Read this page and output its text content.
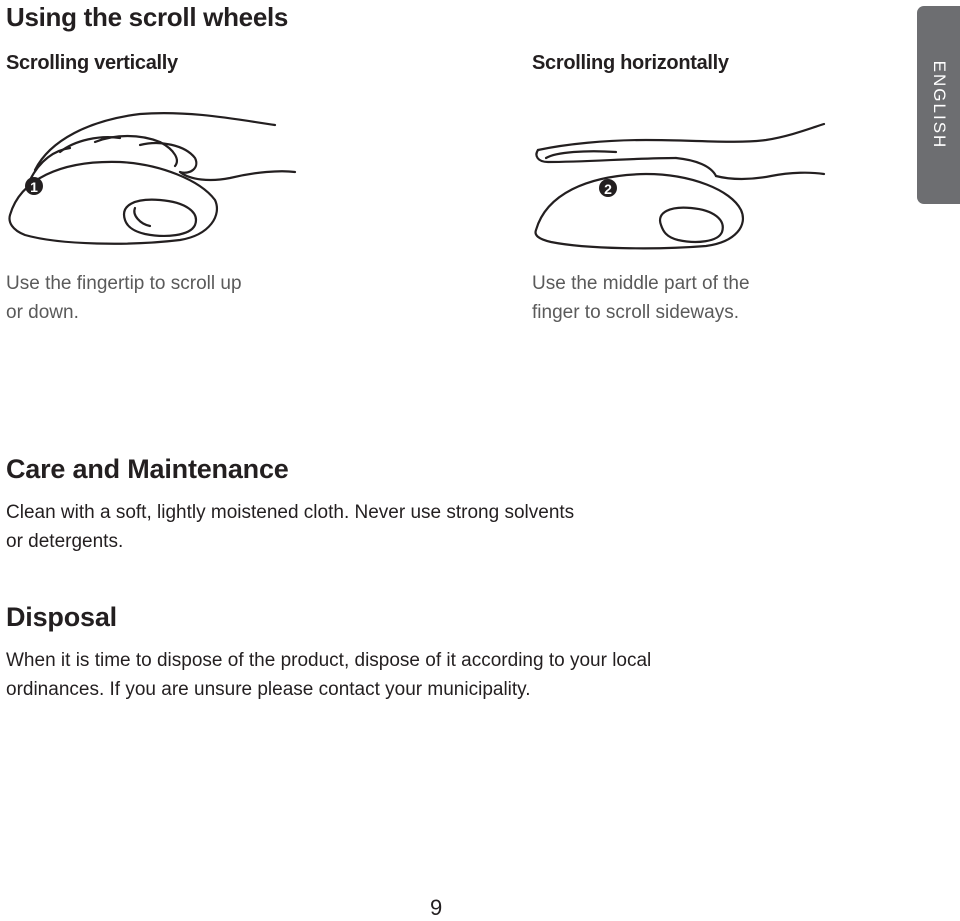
Using the scroll wheels
ENGLISH
Scrolling vertically	Scrolling horizontally
1	2
Use the fingertip to scroll up
or down.
Use the middle part of the
finger to scroll sideways.
Care and Maintenance
Clean with a soft, lightly moistened cloth. Never use strong solvents
or detergents.
Disposal
When it is time to dispose of the product, dispose of it according to your local
ordinances. If you are unsure please contact your municipality.
9
